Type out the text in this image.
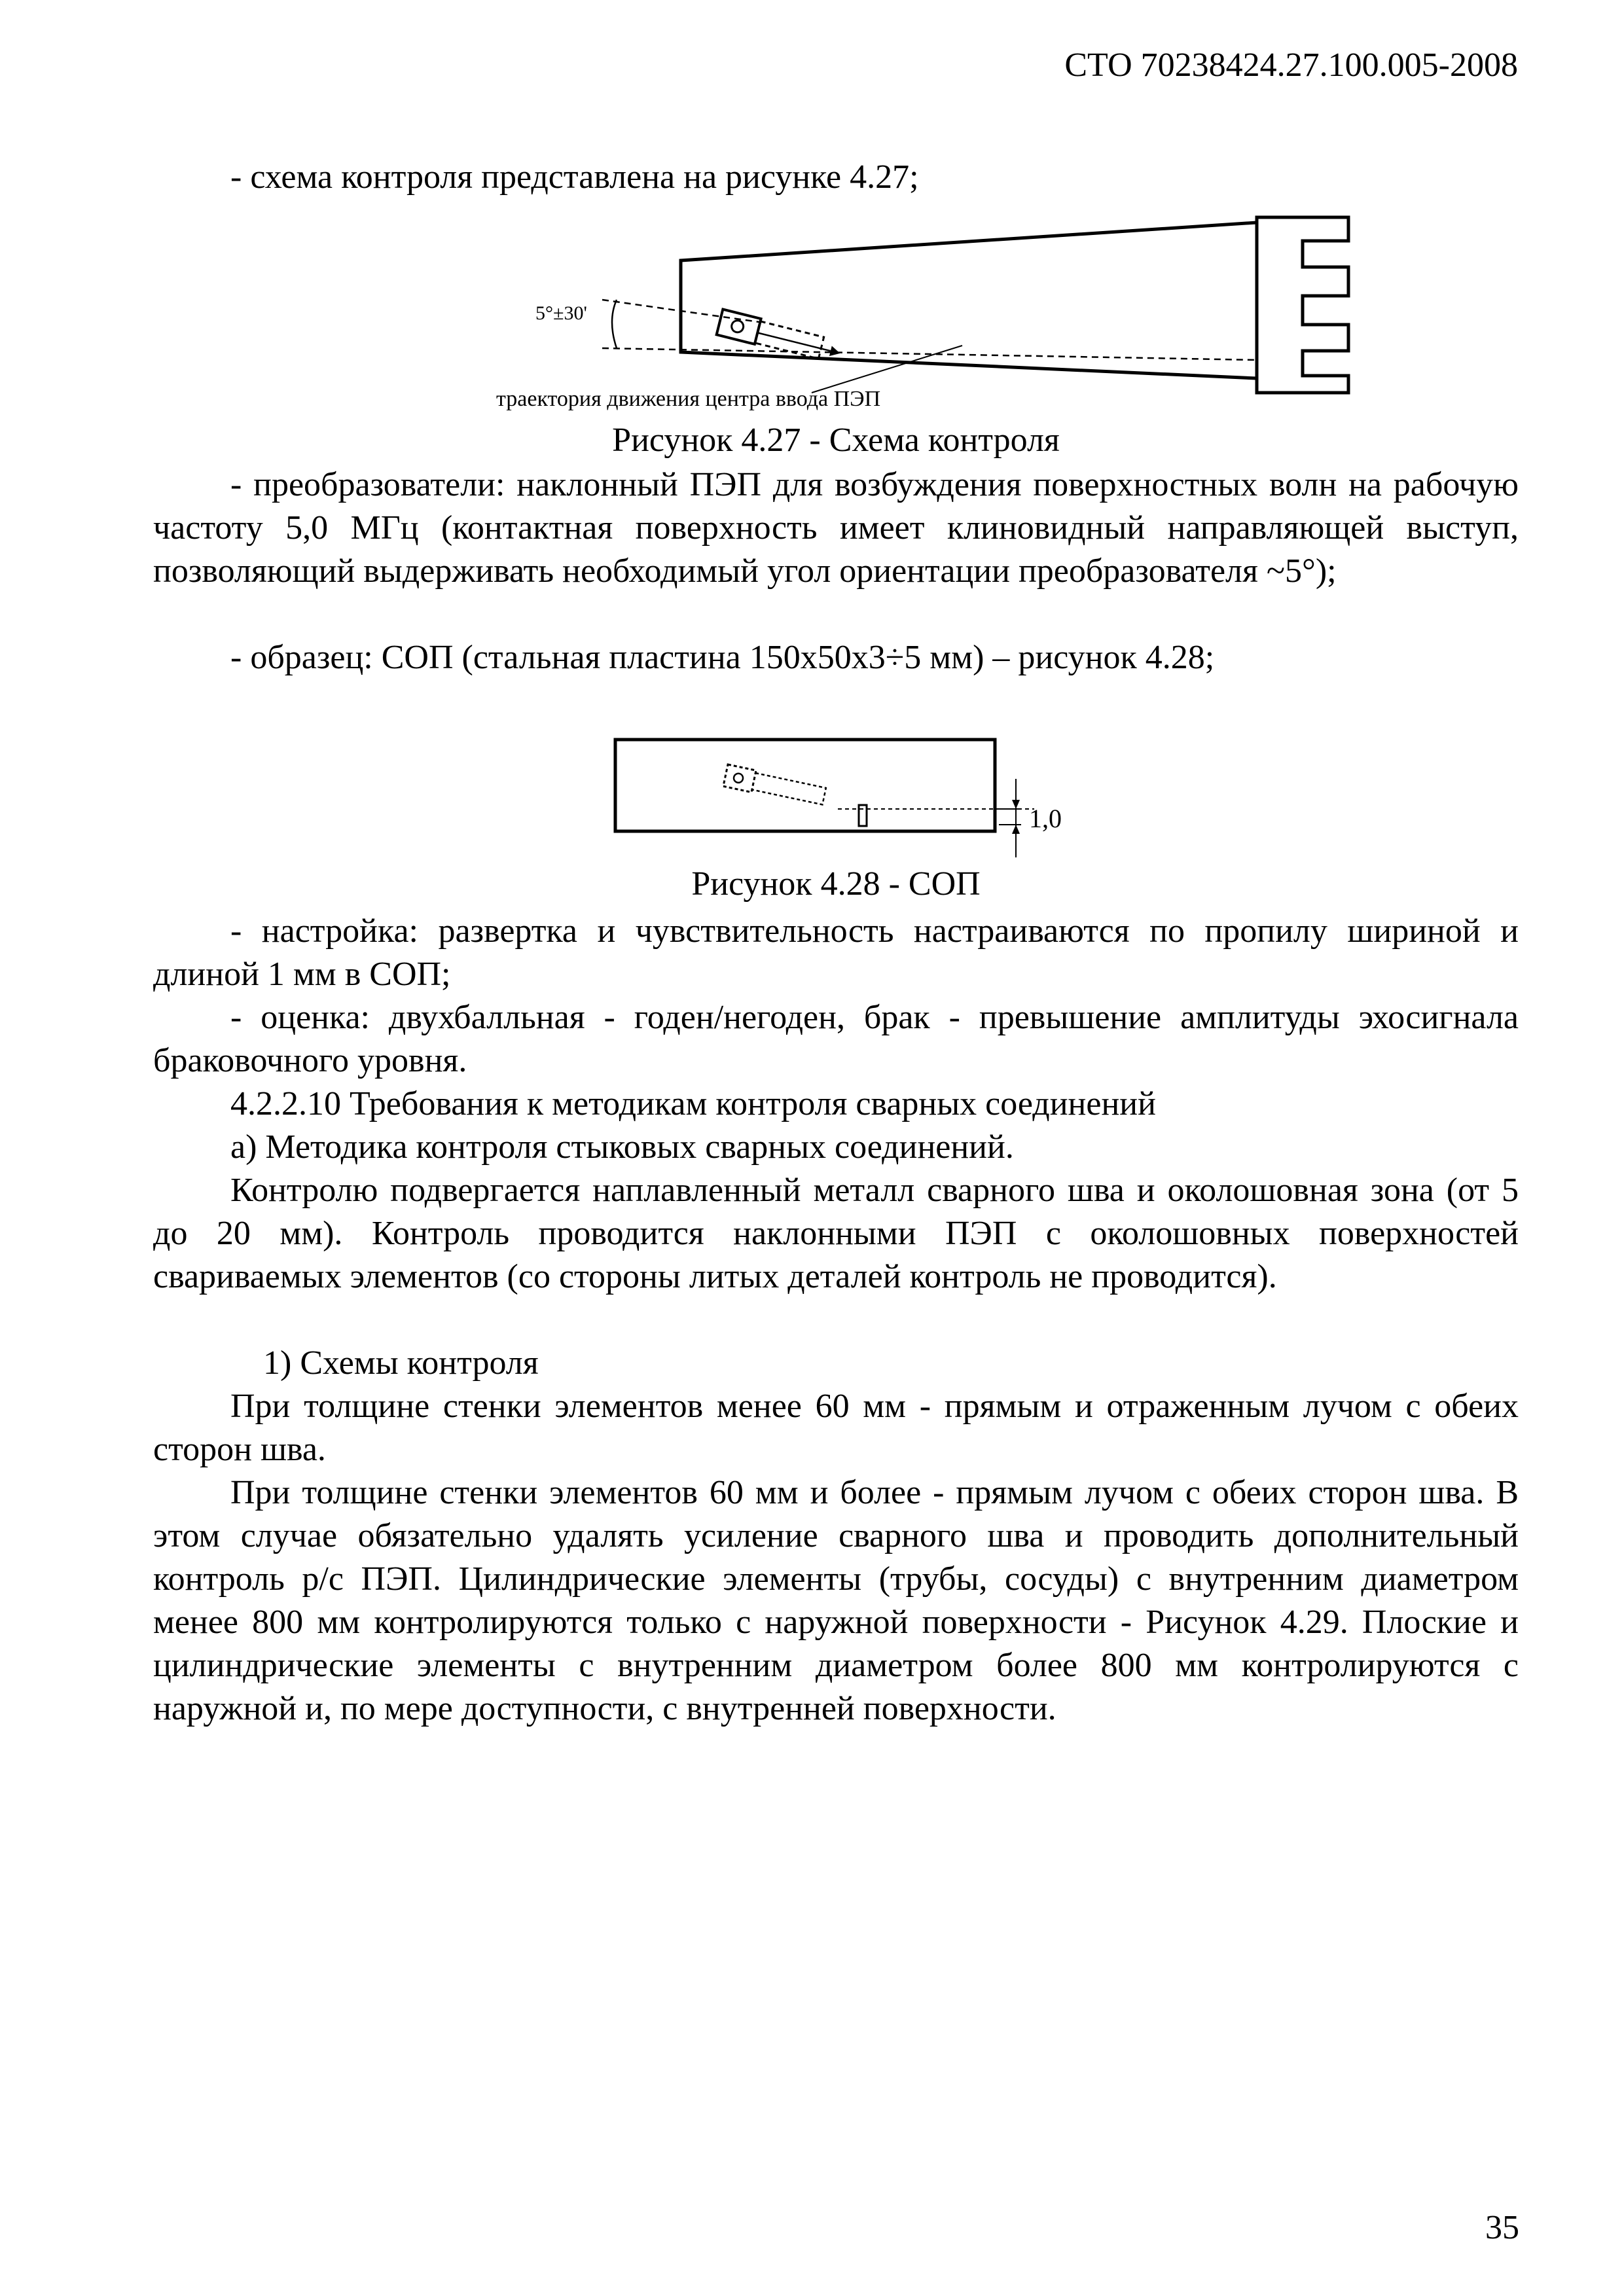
СТО 70238424.27.100.005-2008
- схема контроля представлена на рисунке 4.27;
Рисунок 4.27 - Схема контроля
- преобразователи: наклонный ПЭП для возбуждения поверхностных волн на рабочую частоту 5,0 МГц (контактная поверхность имеет клиновидный направляющей выступ, позволяющий выдерживать необходимый угол ориентации преобразователя ~5°);
- образец: СОП (стальная пластина 150х50х3÷5 мм) – рисунок 4.28;
Рисунок 4.28 - СОП
- настройка: развертка и чувствительность настраиваются по пропилу шириной и длиной 1 мм в СОП;
- оценка: двухбалльная - годен/негоден, брак - превышение амплитуды эхосигнала браковочного уровня.
4.2.2.10 Требования к методикам контроля сварных соединений
а) Методика контроля стыковых сварных соединений.
Контролю подвергается наплавленный металл сварного шва и околошовная зона (от 5 до 20 мм). Контроль проводится наклонными ПЭП с околошовных поверхностей свариваемых элементов (со стороны литых деталей контроль не проводится).
1) Схемы контроля
При толщине стенки элементов менее 60 мм - прямым и отраженным лучом с обеих сторон шва.
При толщине стенки элементов 60 мм и более - прямым лучом с обеих сторон шва. В этом случае обязательно удалять усиление сварного шва и проводить дополнительный контроль р/с ПЭП. Цилиндрические элементы (трубы, сосуды) с внутренним диаметром менее 800 мм контролируются только с наружной поверхности - Рисунок 4.29. Плоские и цилиндрические элементы с внутренним диаметром более 800 мм контролируются с наружной и, по мере доступности, с внутренней поверхности.
5°±30'
траектория движения центра ввода ПЭП
1,0
35
